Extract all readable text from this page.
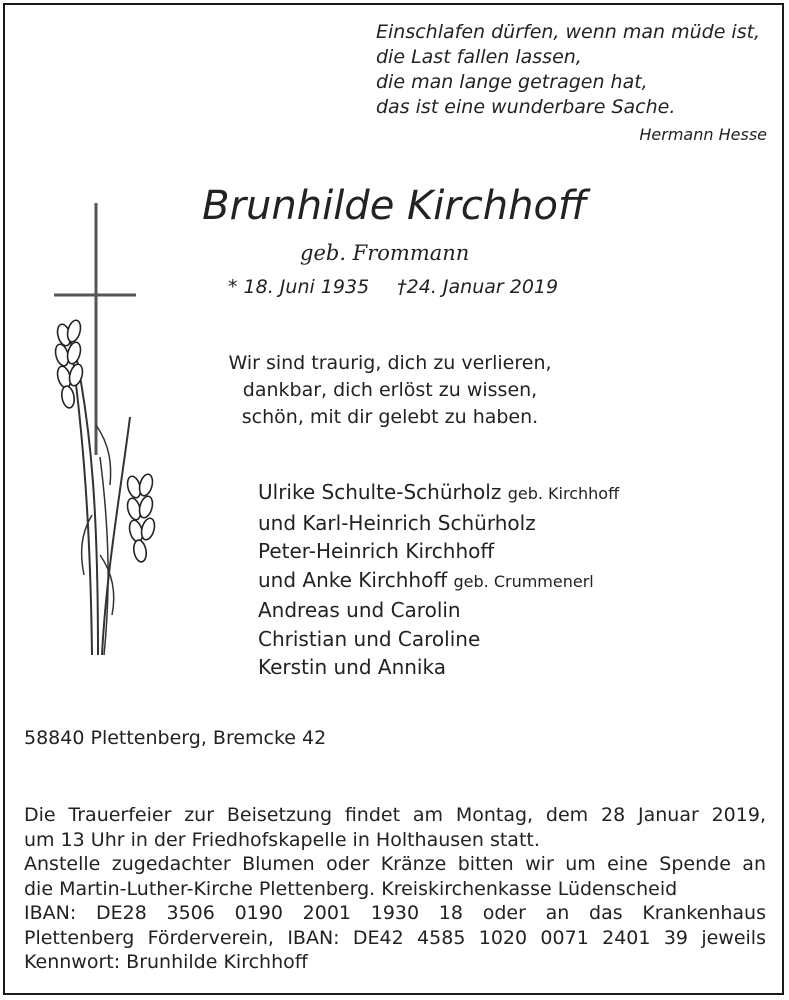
Einschlafen dürfen, wenn man müde ist,
die Last fallen lassen,
die man lange getragen hat,
das ist eine wunderbare Sache.
Hermann Hesse
Brunhilde Kirchhoff
geb. Frommann
* 18. Juni 1935 †24. Januar 2019
Wir sind traurig, dich zu verlieren,
dankbar, dich erlöst zu wissen,
schön, mit dir gelebt zu haben.
Ulrike Schulte-Schürholz geb. Kirchhoff
und Karl-Heinrich Schürholz
Peter-Heinrich Kirchhoff
und Anke Kirchhoff geb. Crummenerl
Andreas und Carolin
Christian und Caroline
Kerstin und Annika
58840 Plettenberg, Bremcke 42
Die Trauerfeier zur Beisetzung findet am Montag, dem 28 Januar 2019,
um 13 Uhr in der Friedhofskapelle in Holthausen statt.
Anstelle zugedachter Blumen oder Kränze bitten wir um eine Spende an
die Martin-Luther-Kirche Plettenberg. Kreiskirchenkasse Lüdenscheid
IBAN: DE28 3506 0190 2001 1930 18 oder an das Krankenhaus
Plettenberg Förderverein, IBAN: DE42 4585 1020 0071 2401 39 jeweils
Kennwort: Brunhilde Kirchhoff
